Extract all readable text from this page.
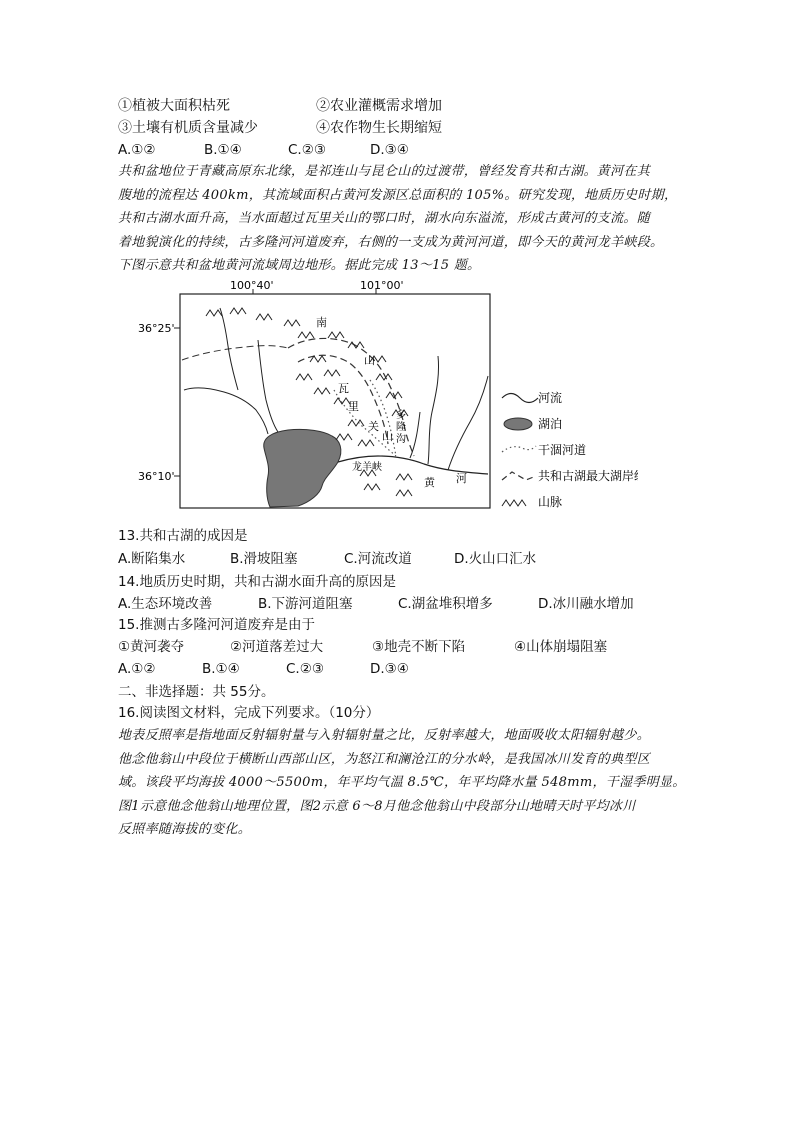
①植被大面积枯死	②农业灌概需求增加
③土壤有机质含量减少	④农作物生长期缩短
A.①②	B.①④	C.②③	D.③④
共和盆地位于青藏高原东北缘，是祁连山与昆仑山的过渡带，曾经发育共和古湖。黄河在其
腹地的流程达 400km，其流域面积占黄河发源区总面积的 105%。研究发现，地质历史时期，
共和古湖水面升高，当水面超过瓦里关山的鄂口时，湖水向东溢流，形成古黄河的支流。随
着地貌演化的持续，古多隆河河道废弃，右侧的一支成为黄河河道，即今天的黄河龙羊峡段。
下图示意共和盆地黄河流域周边地形。据此完成 13～15 题。
100°40'	101°00'
36°25'
36°10'
南
山
瓦
里
关
山
多
隆
沟
龙羊峡
黄 河
河流
湖泊
干涸河道
共和古湖最大湖岸线
山脉
13.共和古湖的成因是
A.断陷集水	B.滑坡阻塞	C.河流改道	D.火山口汇水
14.地质历史时期，共和古湖水面升高的原因是
A.生态环境改善	B.下游河道阻塞	C.湖盆堆积增多	D.冰川融水增加
15.推测古多隆河河道废弃是由于
①黄河袭夺	②河道落差过大	③地壳不断下陷	④山体崩塌阻塞
A.①②	B.①④	C.②③	D.③④
二、非选择题：共 55分。
16.阅读图文材料，完成下列要求。（10分）
地表反照率是指地面反射辐射量与入射辐射量之比，反射率越大，地面吸收太阳辐射越少。
他念他翁山中段位于横断山西部山区，为怒江和澜沧江的分水岭，是我国冰川发育的典型区
域。该段平均海拔 4000～5500m，年平均气温 8.5℃，年平均降水量 548mm，干湿季明显。
图1示意他念他翁山地理位置，图2示意 6～8月他念他翁山中段部分山地晴天时平均冰川
反照率随海拔的变化。
